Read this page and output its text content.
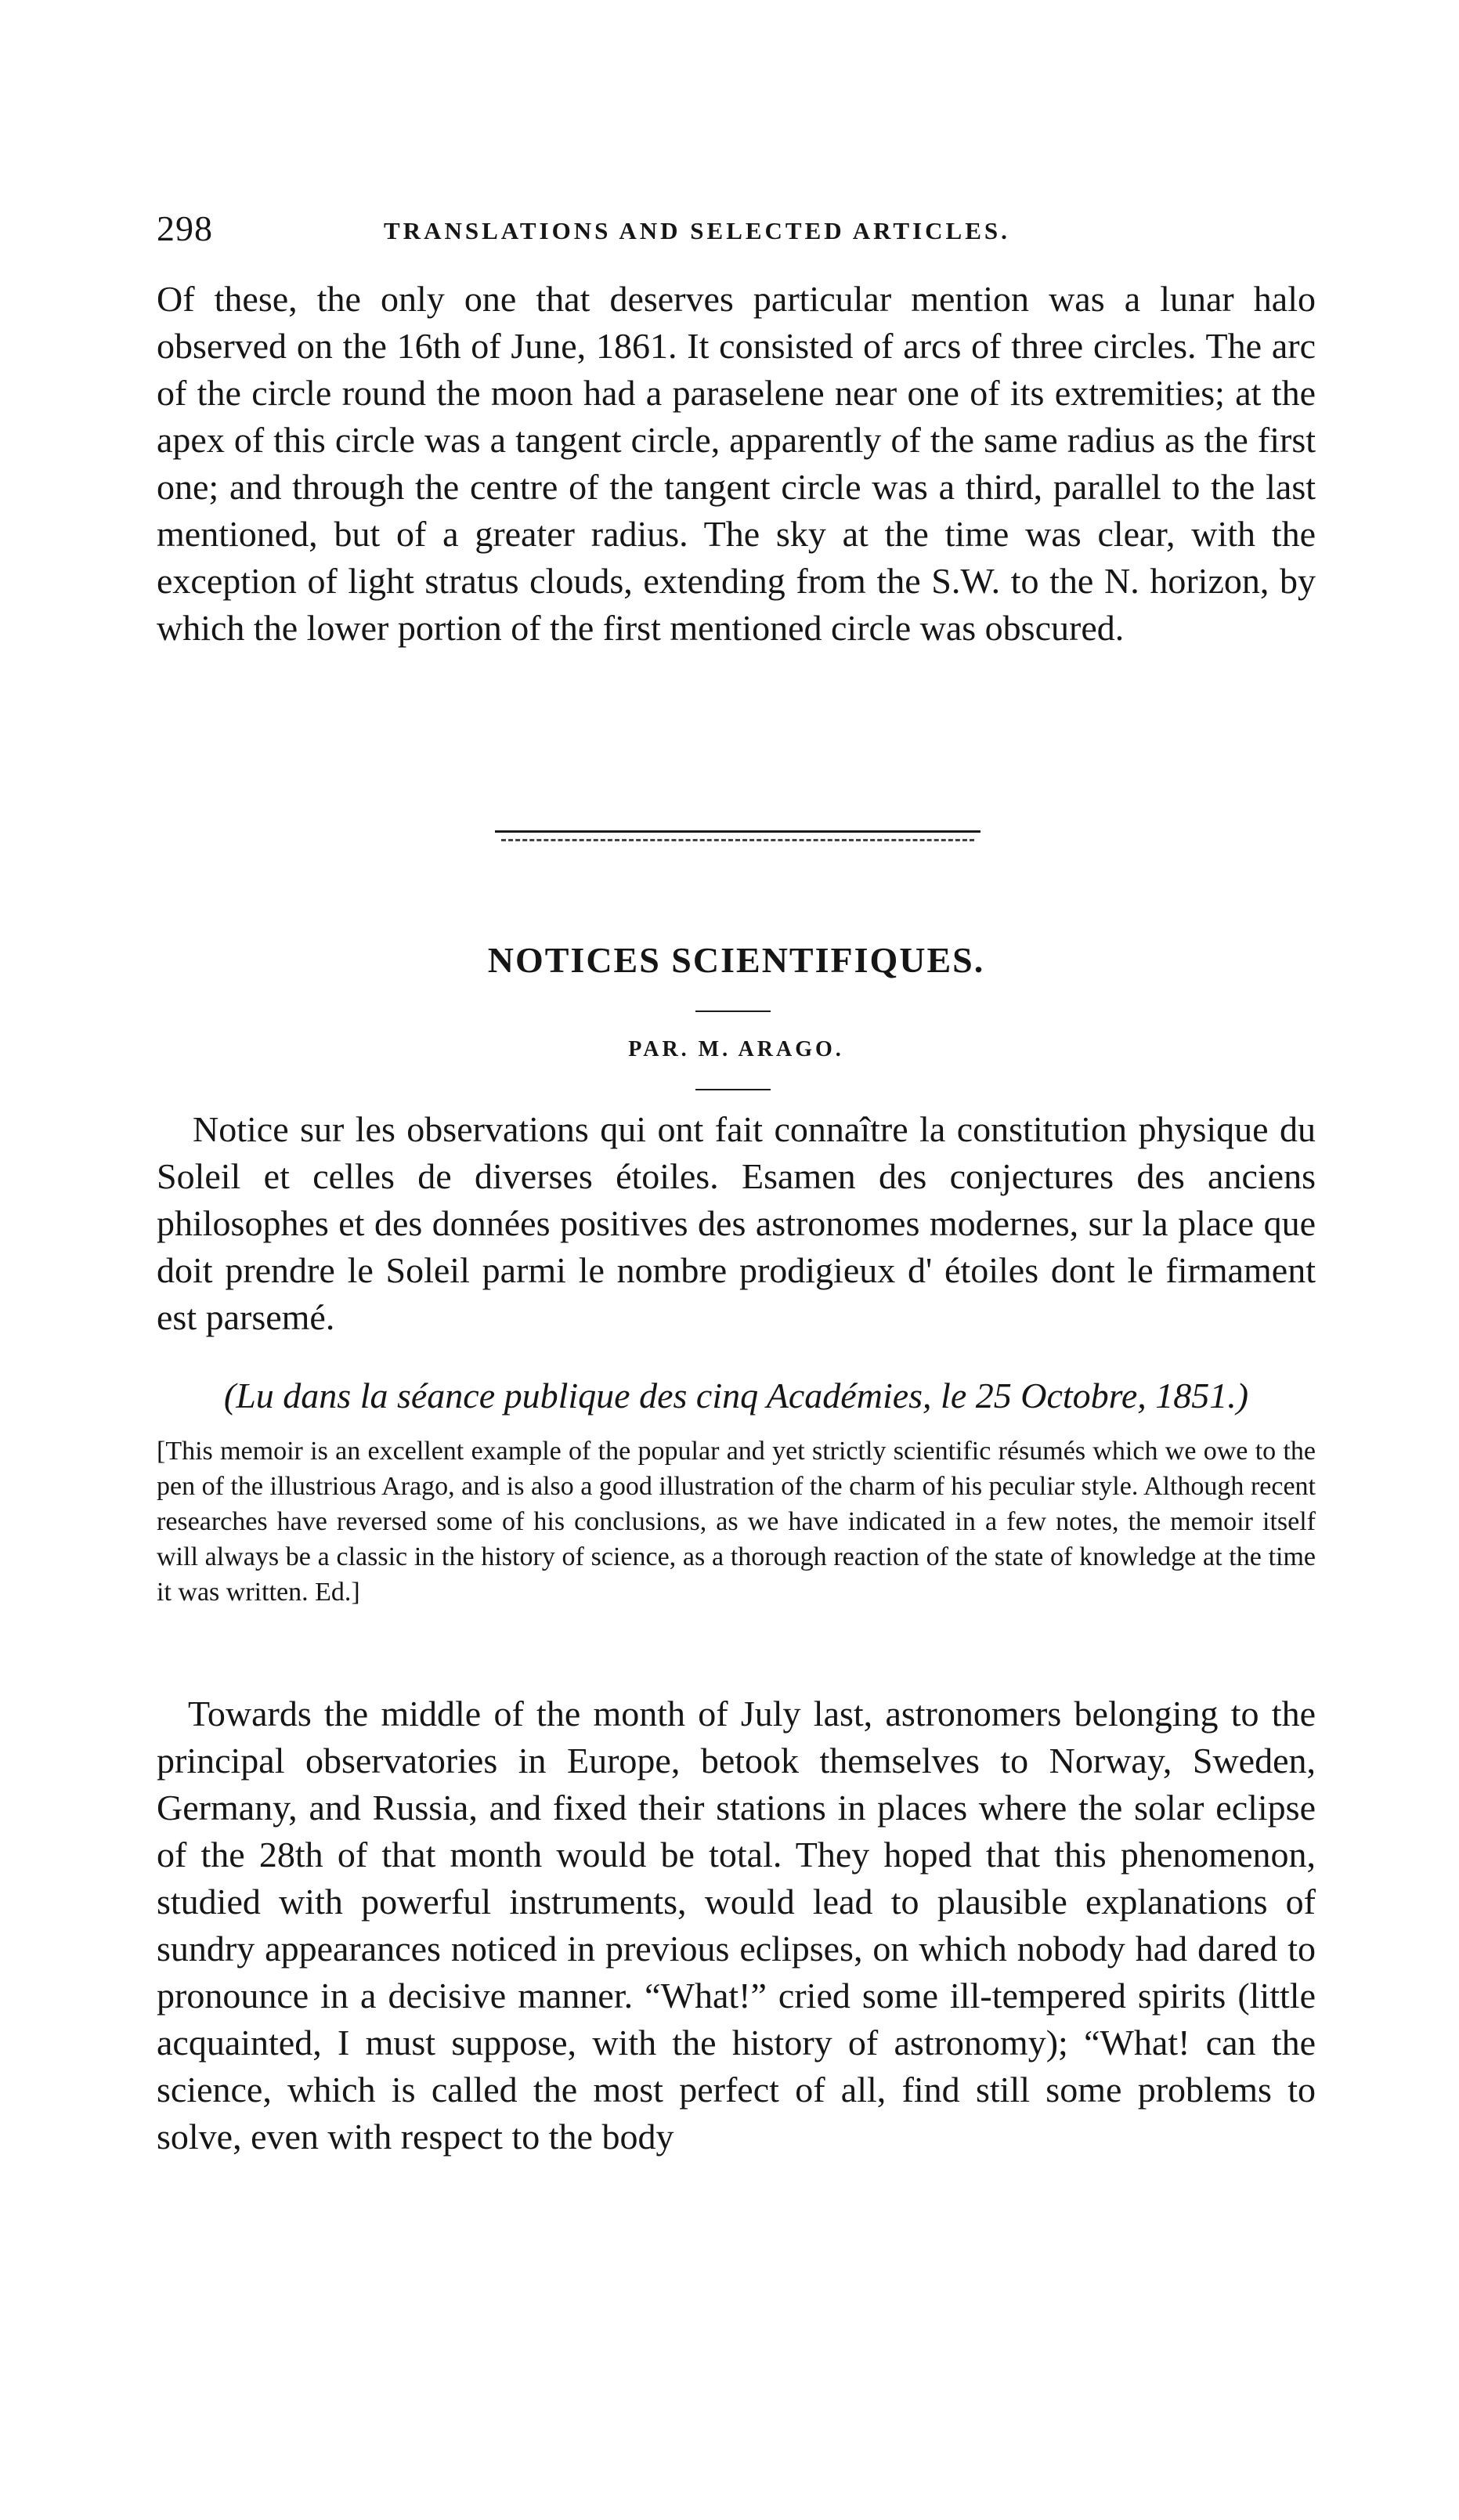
298	TRANSLATIONS AND SELECTED ARTICLES.

Of these, the only one that deserves particular mention was a lunar halo observed on the 16th of June, 1861. It consisted of arcs of three circles. The arc of the circle round the moon had a paraselene near one of its extremities; at the apex of this circle was a tangent circle, apparently of the same radius as the first one; and through the centre of the tangent circle was a third, parallel to the last mentioned, but of a greater radius. The sky at the time was clear, with the exception of light stratus clouds, extending from the S.W. to the N. horizon, by which the lower portion of the first mentioned circle was obscured.

NOTICES SCIENTIFIQUES.
PAR. M. ARAGO.

Notice sur les observations qui ont fait connaître la constitution physique du Soleil et celles de diverses étoiles. Esamen des conjectures des anciens philosophes et des données positives des astronomes modernes, sur la place que doit prendre le Soleil parmi le nombre prodigieux d' étoiles dont le firmament est parsemé.

(Lu dans la séance publique des cinq Académies, le 25 Octobre, 1851.)

[This memoir is an excellent example of the popular and yet strictly scientific résumés which we owe to the pen of the illustrious Arago, and is also a good illustration of the charm of his peculiar style. Although recent researches have reversed some of his conclusions, as we have indicated in a few notes, the memoir itself will always be a classic in the history of science, as a thorough reaction of the state of knowledge at the time it was written. Ed.]

Towards the middle of the month of July last, astronomers belonging to the principal observatories in Europe, betook themselves to Norway, Sweden, Germany, and Russia, and fixed their stations in places where the solar eclipse of the 28th of that month would be total. They hoped that this phenomenon, studied with powerful instruments, would lead to plausible explanations of sundry appearances noticed in previous eclipses, on which nobody had dared to pronounce in a decisive manner. “What!” cried some ill-tempered spirits (little acquainted, I must suppose, with the history of astronomy); “What! can the science, which is called the most perfect of all, find still some problems to solve, even with respect to the body
